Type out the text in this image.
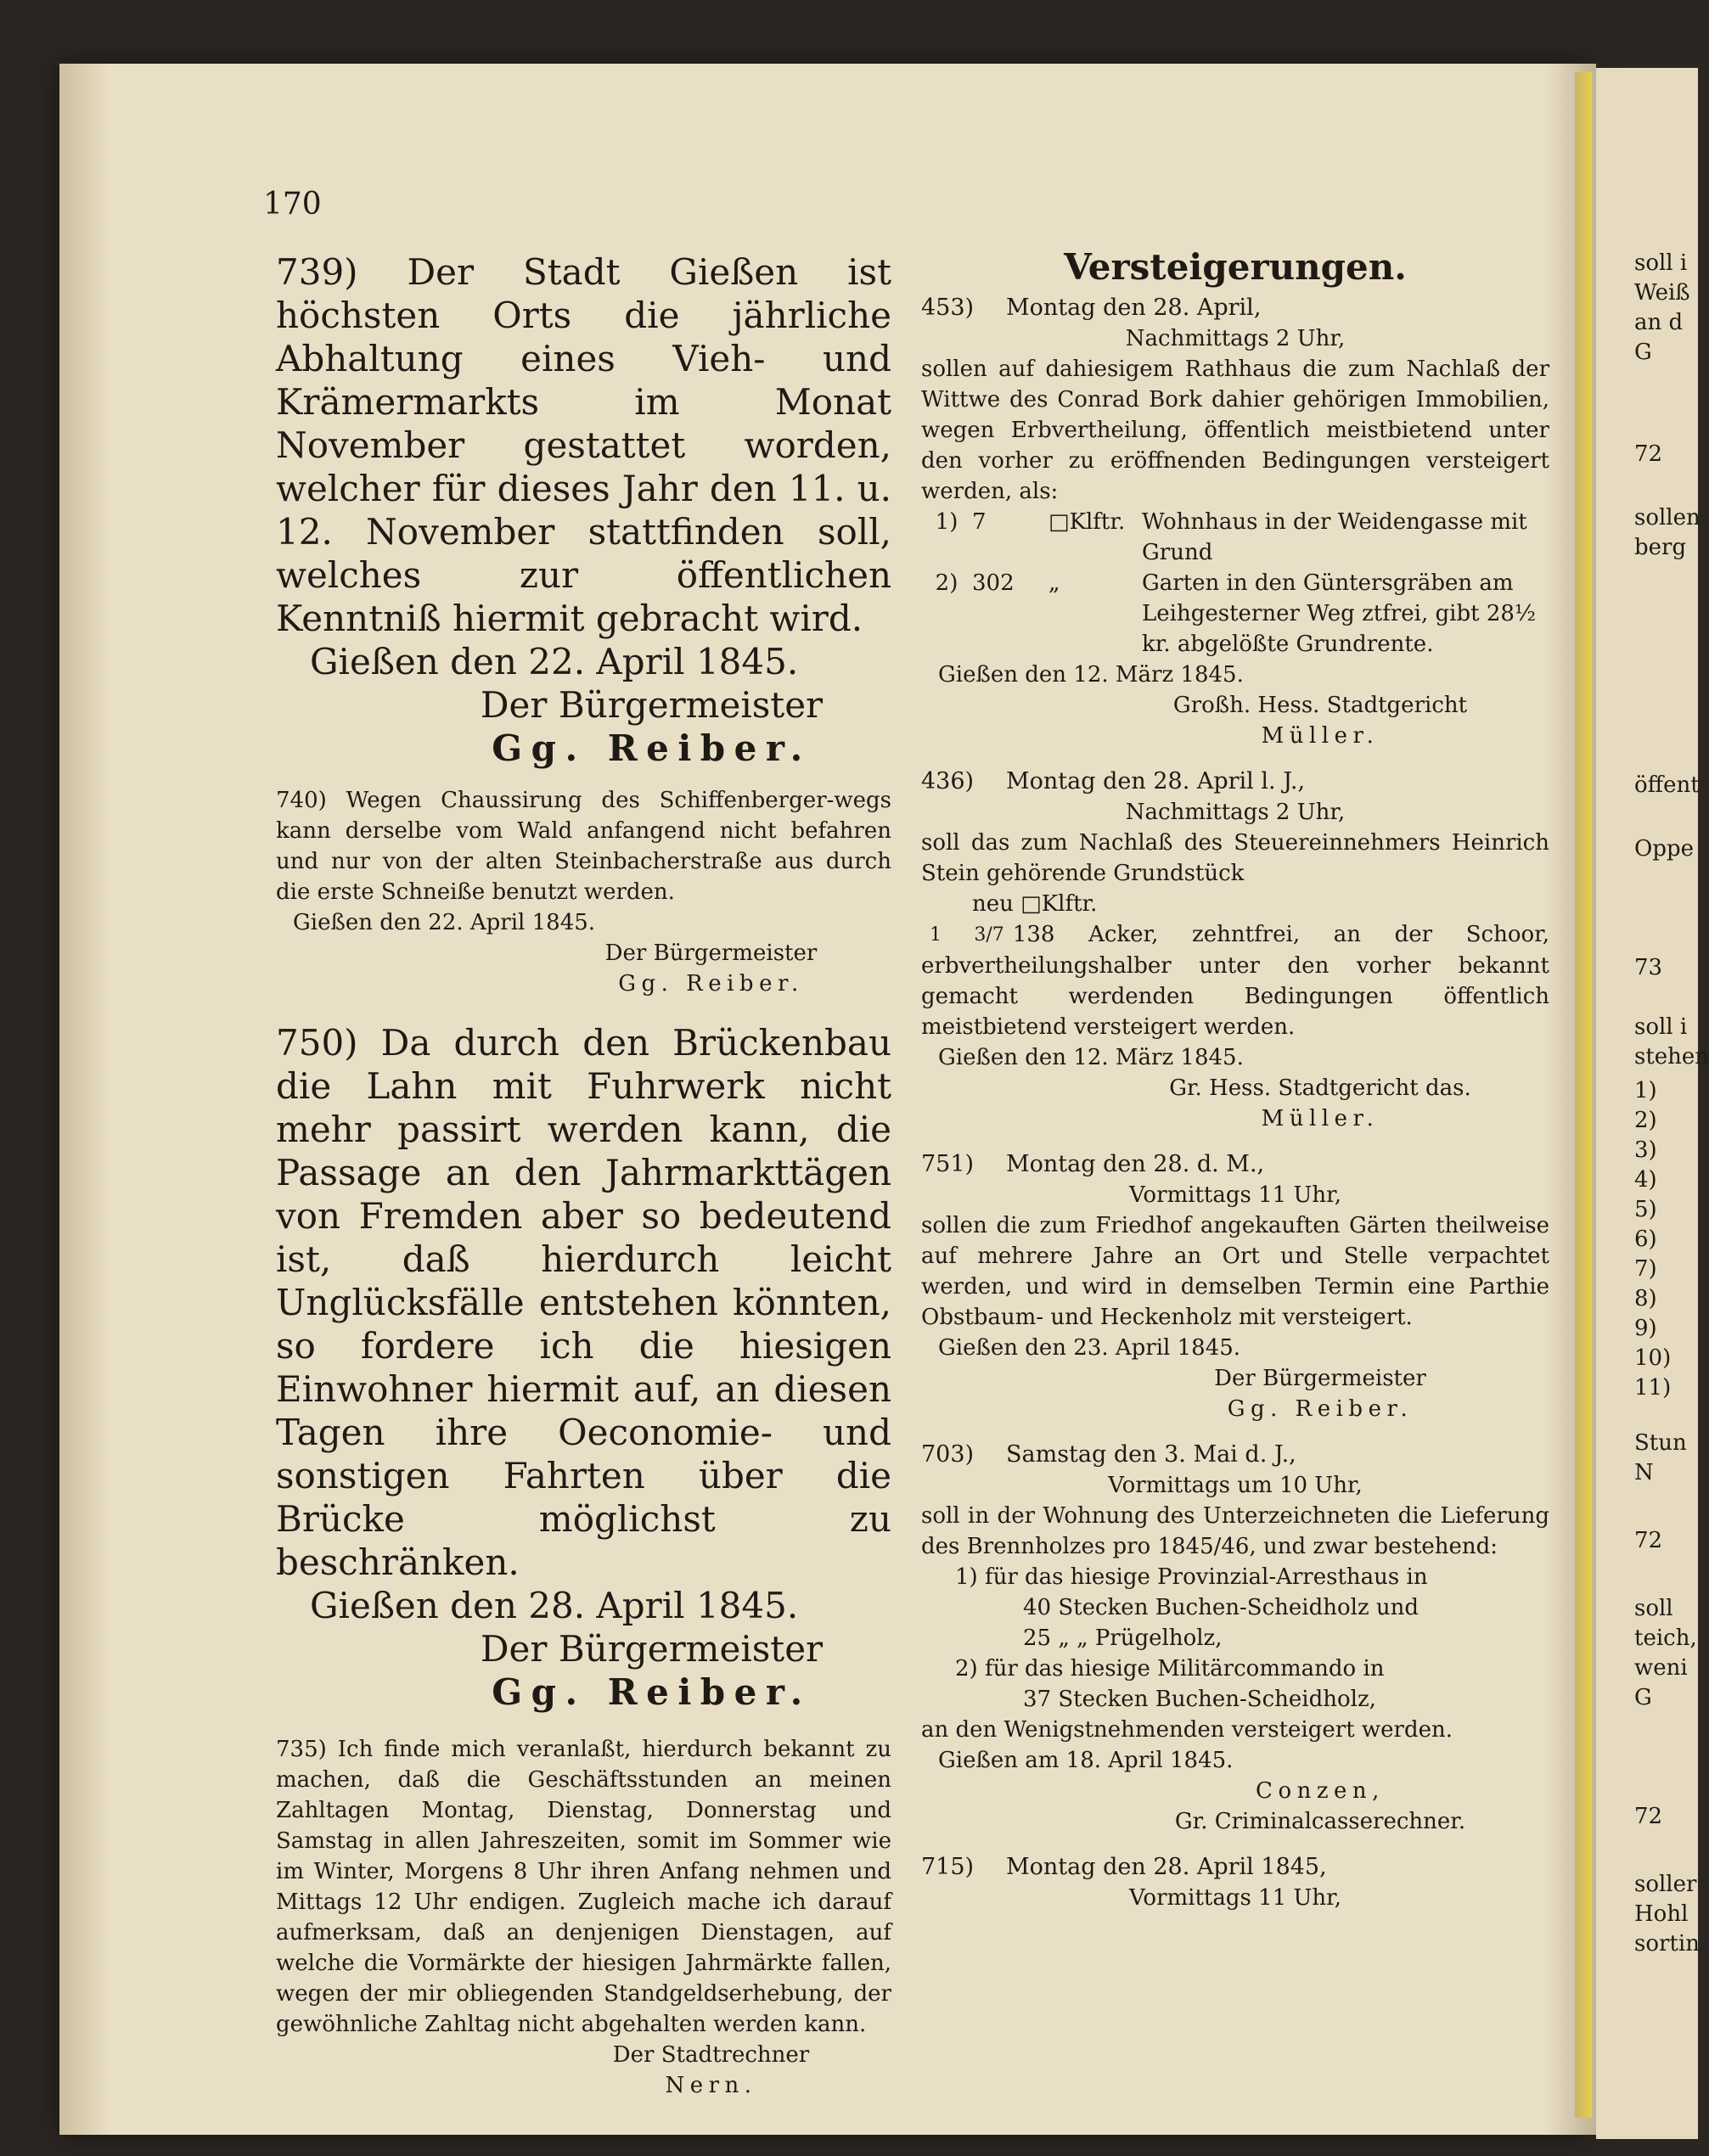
soll i
Weiß
an d
G
72
sollen
berg
öffent
Oppe
73
soll i
stehen
1)
2)
3)
4)
5)
6)
7)
8)
9)
10)
11)
Stun
N
72
soll
teich,
weni
G
72
soller
Hohl
sortin
170

739) Der Stadt Gießen ist höchsten Orts die jährliche Abhaltung eines Vieh- und Krämermarkts im Monat November gestattet worden, welcher für dieses Jahr den 11. u. 12. November stattfinden soll, welches zur öffentlichen Kenntniß hiermit gebracht wird.

Gießen den 22. April 1845.
Der Bürgermeister
Gg. Reiber.

740) Wegen Chaussirung des Schiffenberger-wegs kann derselbe vom Wald anfangend nicht befahren und nur von der alten Steinbacherstraße aus durch die erste Schneiße benutzt werden.

Gießen den 22. April 1845.
Der Bürgermeister
Gg. Reiber.

750) Da durch den Brückenbau die Lahn mit Fuhrwerk nicht mehr passirt werden kann, die Passage an den Jahrmarkttägen von Fremden aber so bedeutend ist, daß hierdurch leicht Unglücksfälle entstehen könnten, so fordere ich die hiesigen Einwohner hiermit auf, an diesen Tagen ihre Oeconomie- und sonstigen Fahrten über die Brücke möglichst zu beschränken.

Gießen den 28. April 1845.
Der Bürgermeister
Gg. Reiber.

735) Ich finde mich veranlaßt, hierdurch bekannt zu machen, daß die Geschäftsstunden an meinen Zahltagen Montag, Dienstag, Donnerstag und Samstag in allen Jahreszeiten, somit im Sommer wie im Winter, Morgens 8 Uhr ihren Anfang nehmen und Mittags 12 Uhr endigen. Zugleich mache ich darauf aufmerksam, daß an denjenigen Dienstagen, auf welche die Vormärkte der hiesigen Jahrmärkte fallen, wegen der mir obliegenden Standgeldserhebung, der gewöhnliche Zahltag nicht abgehalten werden kann.

Der Stadtrechner
Nern.
Versteigerungen.
453)	Montag den 28. April,
Nachmittags 2 Uhr,

sollen auf dahiesigem Rathhaus die zum Nachlaß der Wittwe des Conrad Bork dahier gehörigen Immobilien, wegen Erbvertheilung, öffentlich meistbietend unter den vorher zu eröffnenden Bedingungen versteigert werden, als:

1) 7	□Klftr. Wohnhaus in der Weidengasse mit Grund
2) 302	„	Garten in den Güntersgräben am Leihgesterner Weg ztfrei, gibt 28½ kr. abgelößte Grundrente.
Gießen den 12. März 1845.
Großh. Hess. Stadtgericht
Müller.
436)	Montag den 28. April l. J.,
Nachmittags 2 Uhr,

soll das zum Nachlaß des Steuereinnehmers Heinrich Stein gehörende Grundstück

neu □Klftr.

1 3/7 138 Acker, zehntfrei, an der Schoor, erbvertheilungshalber unter den vorher bekannt gemacht werdenden Bedingungen öffentlich meistbietend versteigert werden.

Gießen den 12. März 1845.
Gr. Hess. Stadtgericht das.
Müller.
751)	Montag den 28. d. M.,
Vormittags 11 Uhr,

sollen die zum Friedhof angekauften Gärten theilweise auf mehrere Jahre an Ort und Stelle verpachtet werden, und wird in demselben Termin eine Parthie Obstbaum- und Heckenholz mit versteigert.

Gießen den 23. April 1845.
Der Bürgermeister
Gg. Reiber.
703)	Samstag den 3. Mai d. J.,
Vormittags um 10 Uhr,

soll in der Wohnung des Unterzeichneten die Lieferung des Brennholzes pro 1845/46, und zwar bestehend:

1) für das hiesige Provinzial-Arresthaus in
40 Stecken Buchen-Scheidholz und
25 „ „ Prügelholz,
2) für das hiesige Militärcommando in
37 Stecken Buchen-Scheidholz,
an den Wenigstnehmenden versteigert werden.
Gießen am 18. April 1845.
Conzen,
Gr. Criminalcasserechner.
715)	Montag den 28. April 1845,
Vormittags 11 Uhr,
